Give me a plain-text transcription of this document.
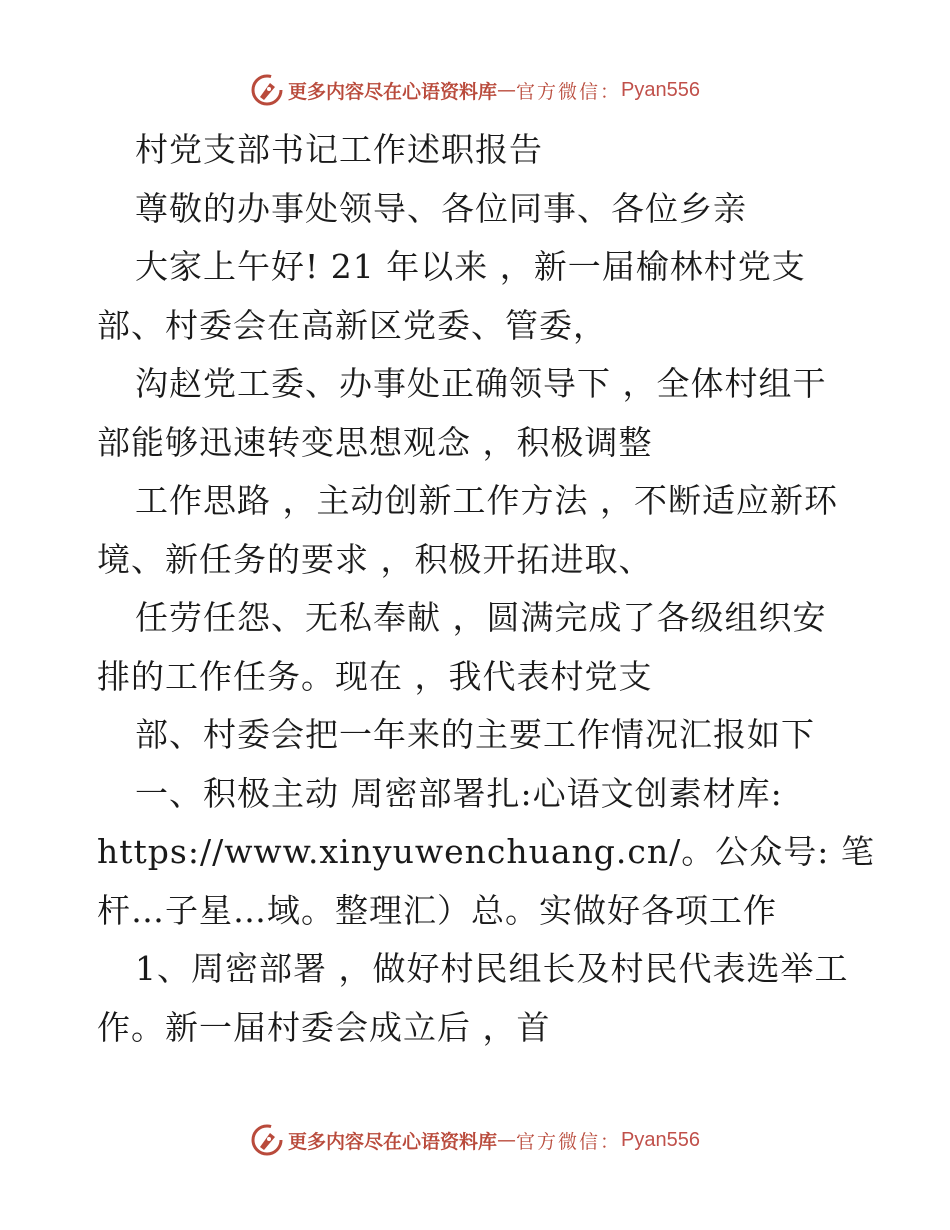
更多内容尽在心语资料库 — 官方微信： Pyan556
村党支部书记工作述职报告
尊敬的办事处领导、各位同事、各位乡亲
大家上午好! 21 年以来 ，新一届榆林村党支
部、村委会在高新区党委、管委，
沟赵党工委、办事处正确领导下 ，全体村组干
部能够迅速转变思想观念 ，积极调整
工作思路 ，主动创新工作方法 ，不断适应新环
境、新任务的要求 ，积极开拓进取、
任劳任怨、无私奉献 ，圆满完成了各级组织安
排的工作任务。现在 ，我代表村党支
部、村委会把一年来的主要工作情况汇报如下
一、积极主动 周密部署扎:心语文创素材库:
https://www.xinyuwenchuang.cn/。公众号: 笔
杆…子星…域。整理汇）总。实做好各项工作
1、周密部署 ，做好村民组长及村民代表选举工
作。新一届村委会成立后 ，首
更多内容尽在心语资料库 — 官方微信： Pyan556
